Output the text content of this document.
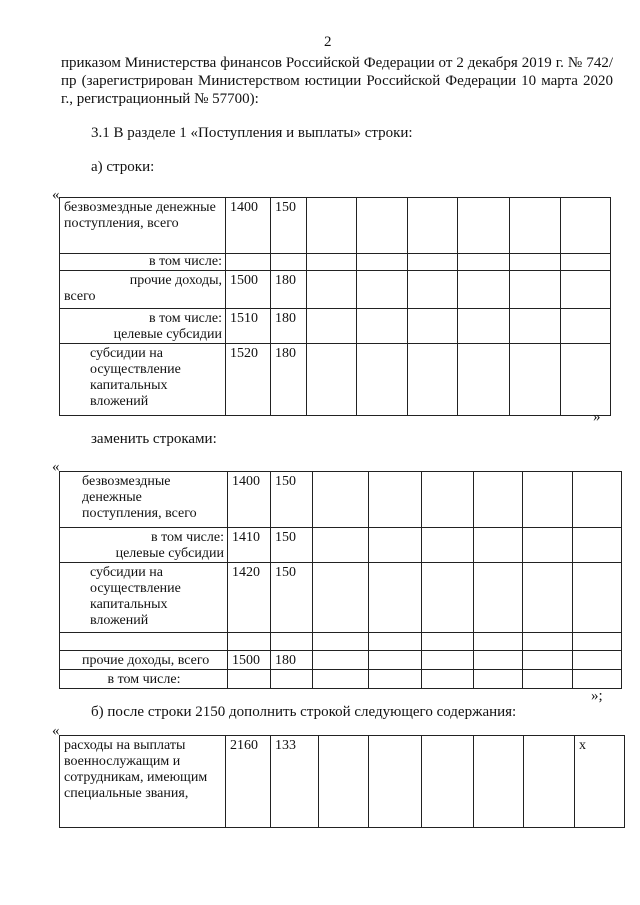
2
приказом Министерства финансов Российской Федерации от 2 декабря 2019 г. № 742/пр (зарегистрирован Министерством юстиции Российской Федерации 10 марта 2020 г., регистрационный № 57700):
3.1 В разделе 1 «Поступления и выплаты» строки:
а) строки:
«
безвозмездные денежные поступления, всего	1400	150						
в том числе:								

прочие доходы,
всего	1500	180						

в том числе:
целевые субсидии	1510	180						
субсидии на осуществление капитальных вложений	1520	180						
»
заменить строками:
«
безвозмездные денежные поступления, всего	1400	150						

в том числе:
целевые субсидии	1410	150						
субсидии на осуществление капитальных вложений	1420	150						

прочие доходы, всего	1500	180						
в том числе:								
»;
б) после строки 2150 дополнить строкой следующего содержания:
«
расходы на выплаты военнослужащим и сотрудникам, имеющим специальные звания,	2160	133						х
